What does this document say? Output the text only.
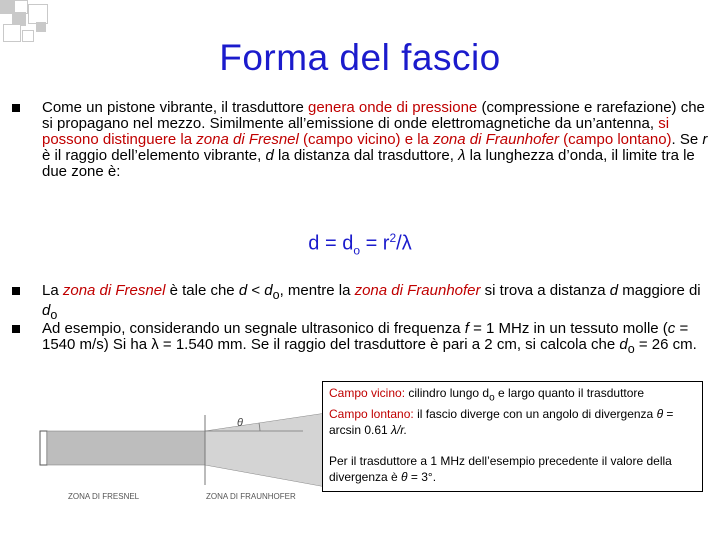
Forma del fascio

Come un pistone vibrante, il trasduttore genera onde di pressione (compressione e rarefazione) che si propagano nel mezzo. Similmente all’emissione di onde elettromagnetiche da un’antenna, si possono distinguere la zona di Fresnel (campo vicino) e la zona di Fraunhofer (campo lontano). Se r è il raggio dell’elemento vibrante, d la distanza dal trasduttore, λ la lunghezza d’onda, il limite tra le due zone è:

$d = d_o = r^2/\lambda$

La zona di Fresnel è tale che $d < d_o$, mentre la zona di Fraunhofer si trova a distanza d maggiore di $d_o$

Ad esempio, considerando un segnale ultrasonico di frequenza f = 1 MHz in un tessuto molle (c = 1540 m/s) Si ha λ = 1.540 mm. Se il raggio del trasduttore è pari a 2 cm, si calcola che $d_o = 26$ cm.

θ
ZONA DI FRESNEL	ZONA DI FRAUNHOFER

Campo vicino: cilindro lungo $d_o$ e largo quanto il trasduttore

Campo lontano: il fascio diverge con un angolo di divergenza θ = arcsin 0.61 λ/r.

Per il trasduttore a 1 MHz dell’esempio precedente il valore della divergenza è θ = 3°.
